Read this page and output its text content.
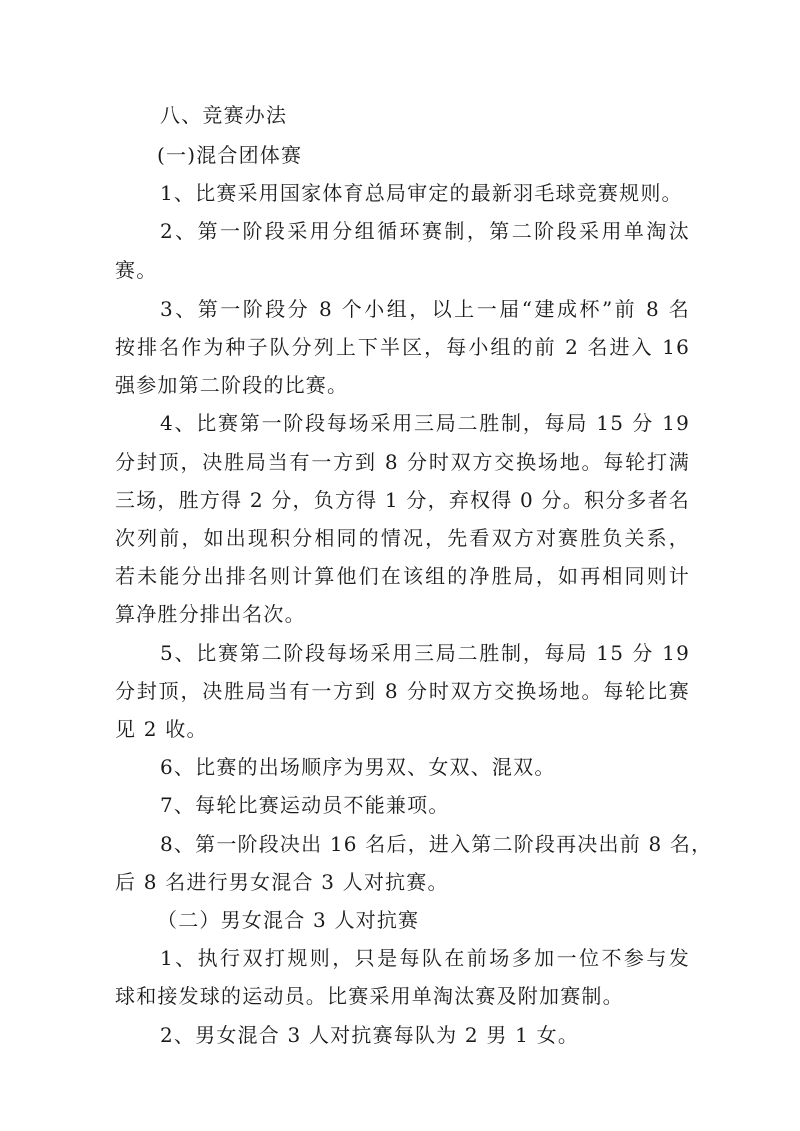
八、竞赛办法
(一)混合团体赛
1、比赛采用国家体育总局审定的最新羽毛球竞赛规则。
2、第一阶段采用分组循环赛制，第二阶段采用单淘汰
赛。
3、第一阶段分 8 个小组，以上一届“建成杯”前 8 名
按排名作为种子队分列上下半区，每小组的前 2 名进入 16
强参加第二阶段的比赛。
4、比赛第一阶段每场采用三局二胜制，每局 15 分 19
分封顶，决胜局当有一方到 8 分时双方交换场地。每轮打满
三场，胜方得 2 分，负方得 1 分，弃权得 0 分。积分多者名
次列前，如出现积分相同的情况，先看双方对赛胜负关系，
若未能分出排名则计算他们在该组的净胜局，如再相同则计
算净胜分排出名次。
5、比赛第二阶段每场采用三局二胜制，每局 15 分 19
分封顶，决胜局当有一方到 8 分时双方交换场地。每轮比赛
见 2 收。
6、比赛的出场顺序为男双、女双、混双。
7、每轮比赛运动员不能兼项。
8、第一阶段决出 16 名后，进入第二阶段再决出前 8 名，
后 8 名进行男女混合 3 人对抗赛。
（二）男女混合 3 人对抗赛
1、执行双打规则，只是每队在前场多加一位不参与发
球和接发球的运动员。比赛采用单淘汰赛及附加赛制。
2、男女混合 3 人对抗赛每队为 2 男 1 女。
